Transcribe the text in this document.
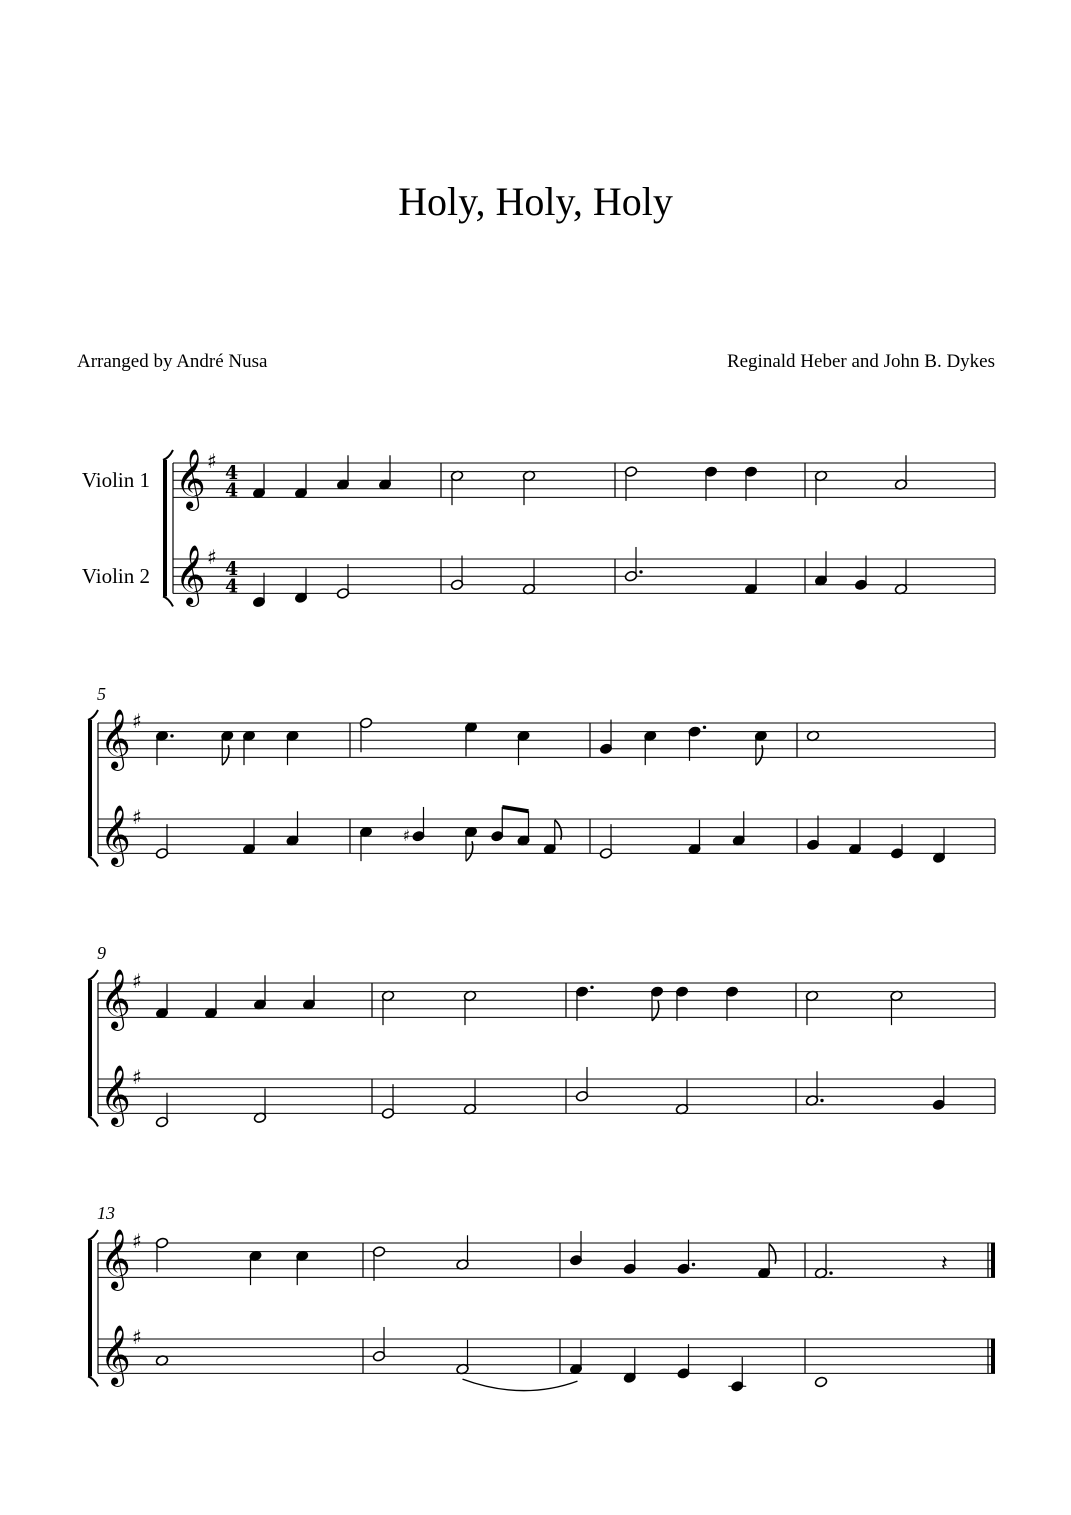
Holy, Holy, Holy
Arranged by André Nusa	Reginald Heber and John B. Dykes
Violin 1
Violin 2
5
9
13
𝄞 ♯
4
4
𝄞 ♯
4
4
𝄞 ♯
𝄞 ♯
♯
𝄞 ♯
𝄞 ♯
𝄞 ♯
𝄞 ♯
𝄽
